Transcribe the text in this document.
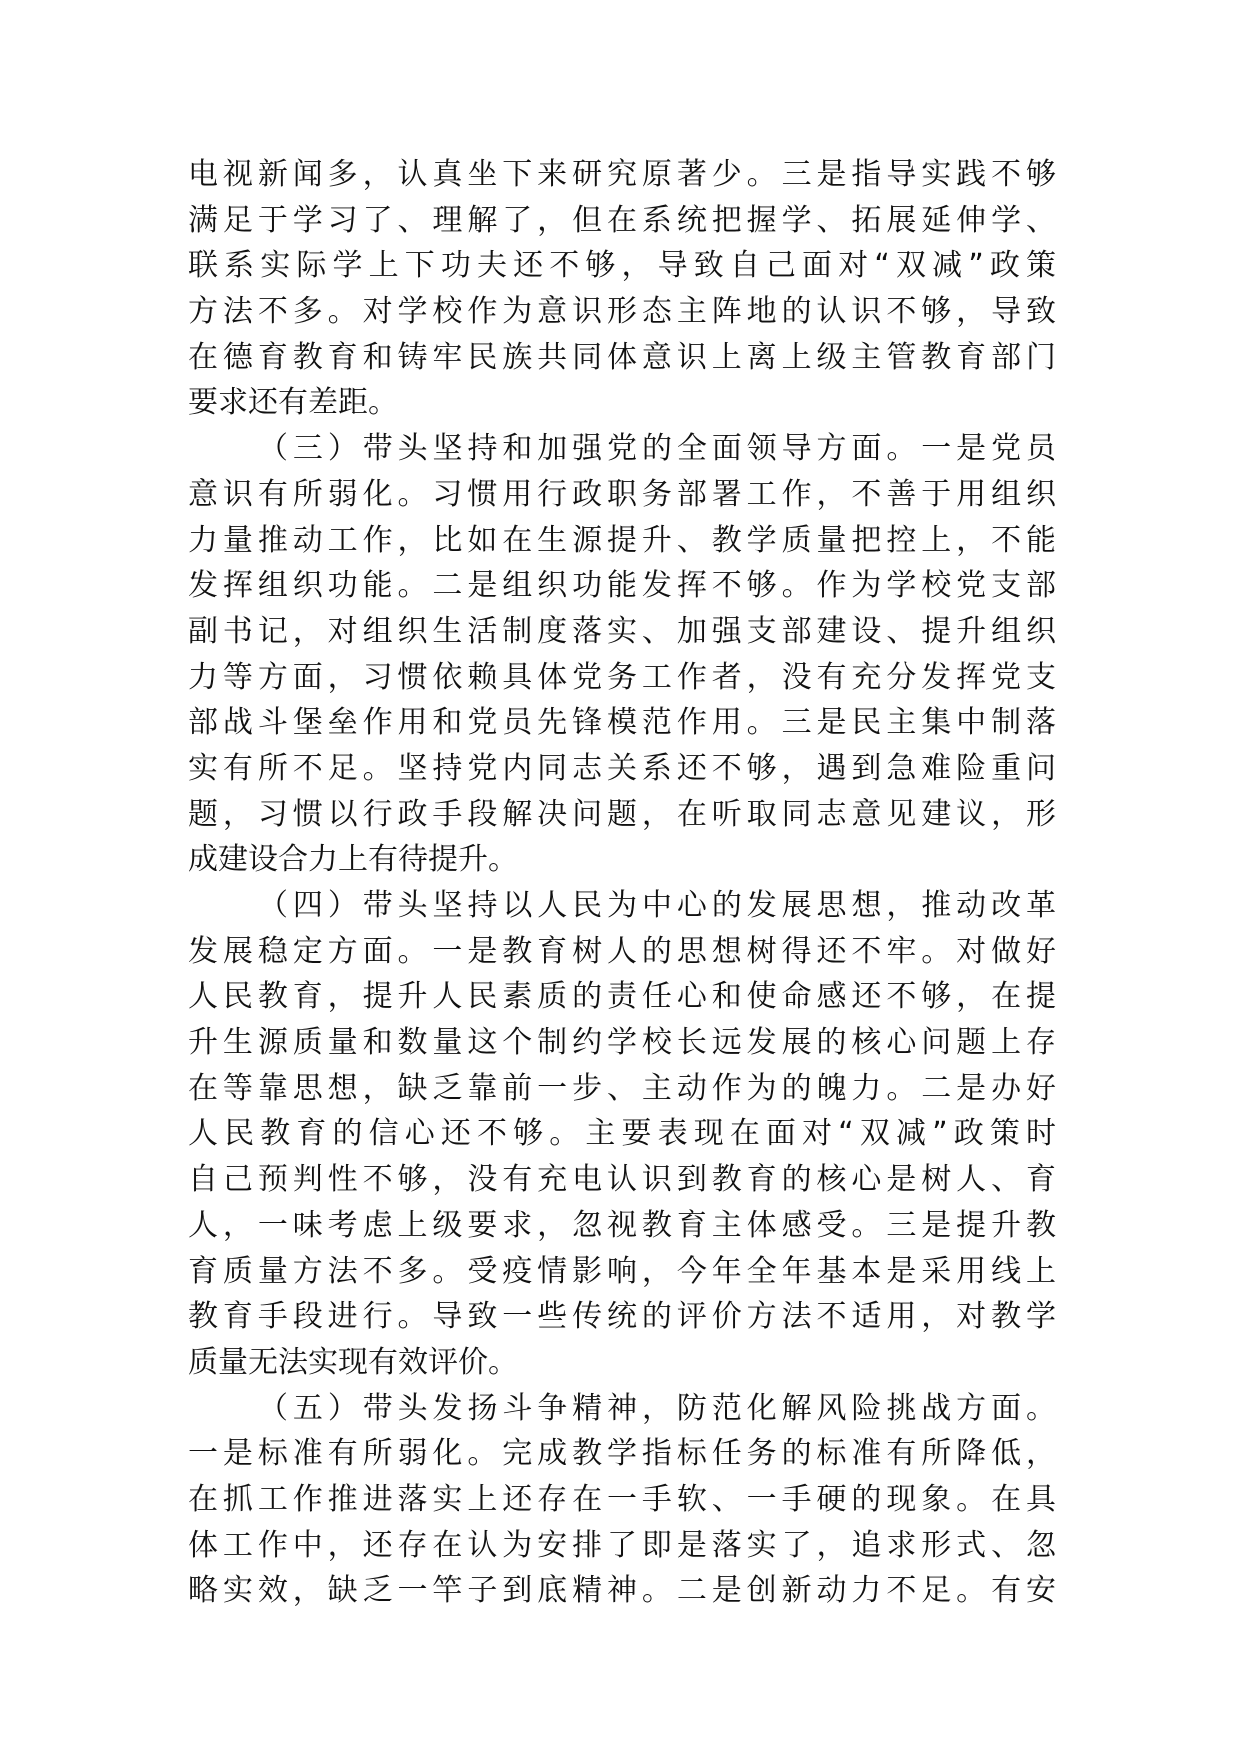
电视新闻多，认真坐下来研究原著少。三是指导实践不够
满足于学习了、理解了，但在系统把握学、拓展延伸学、
联系实际学上下功夫还不够，导致自己面对“双减”政策
方法不多。对学校作为意识形态主阵地的认识不够，导致
在德育教育和铸牢民族共同体意识上离上级主管教育部门
要求还有差距。
（三）带头坚持和加强党的全面领导方面。一是党员
意识有所弱化。习惯用行政职务部署工作，不善于用组织
力量推动工作，比如在生源提升、教学质量把控上，不能
发挥组织功能。二是组织功能发挥不够。作为学校党支部
副书记，对组织生活制度落实、加强支部建设、提升组织
力等方面，习惯依赖具体党务工作者，没有充分发挥党支
部战斗堡垒作用和党员先锋模范作用。三是民主集中制落
实有所不足。坚持党内同志关系还不够，遇到急难险重问
题，习惯以行政手段解决问题，在听取同志意见建议，形
成建设合力上有待提升。
（四）带头坚持以人民为中心的发展思想，推动改革
发展稳定方面。一是教育树人的思想树得还不牢。对做好
人民教育，提升人民素质的责任心和使命感还不够，在提
升生源质量和数量这个制约学校长远发展的核心问题上存
在等靠思想，缺乏靠前一步、主动作为的魄力。二是办好
人民教育的信心还不够。主要表现在面对“双减”政策时
自己预判性不够，没有充电认识到教育的核心是树人、育
人，一味考虑上级要求，忽视教育主体感受。三是提升教
育质量方法不多。受疫情影响，今年全年基本是采用线上
教育手段进行。导致一些传统的评价方法不适用，对教学
质量无法实现有效评价。
（五）带头发扬斗争精神，防范化解风险挑战方面。
一是标准有所弱化。完成教学指标任务的标准有所降低，
在抓工作推进落实上还存在一手软、一手硬的现象。在具
体工作中，还存在认为安排了即是落实了，追求形式、忽
略实效，缺乏一竿子到底精神。二是创新动力不足。有安
